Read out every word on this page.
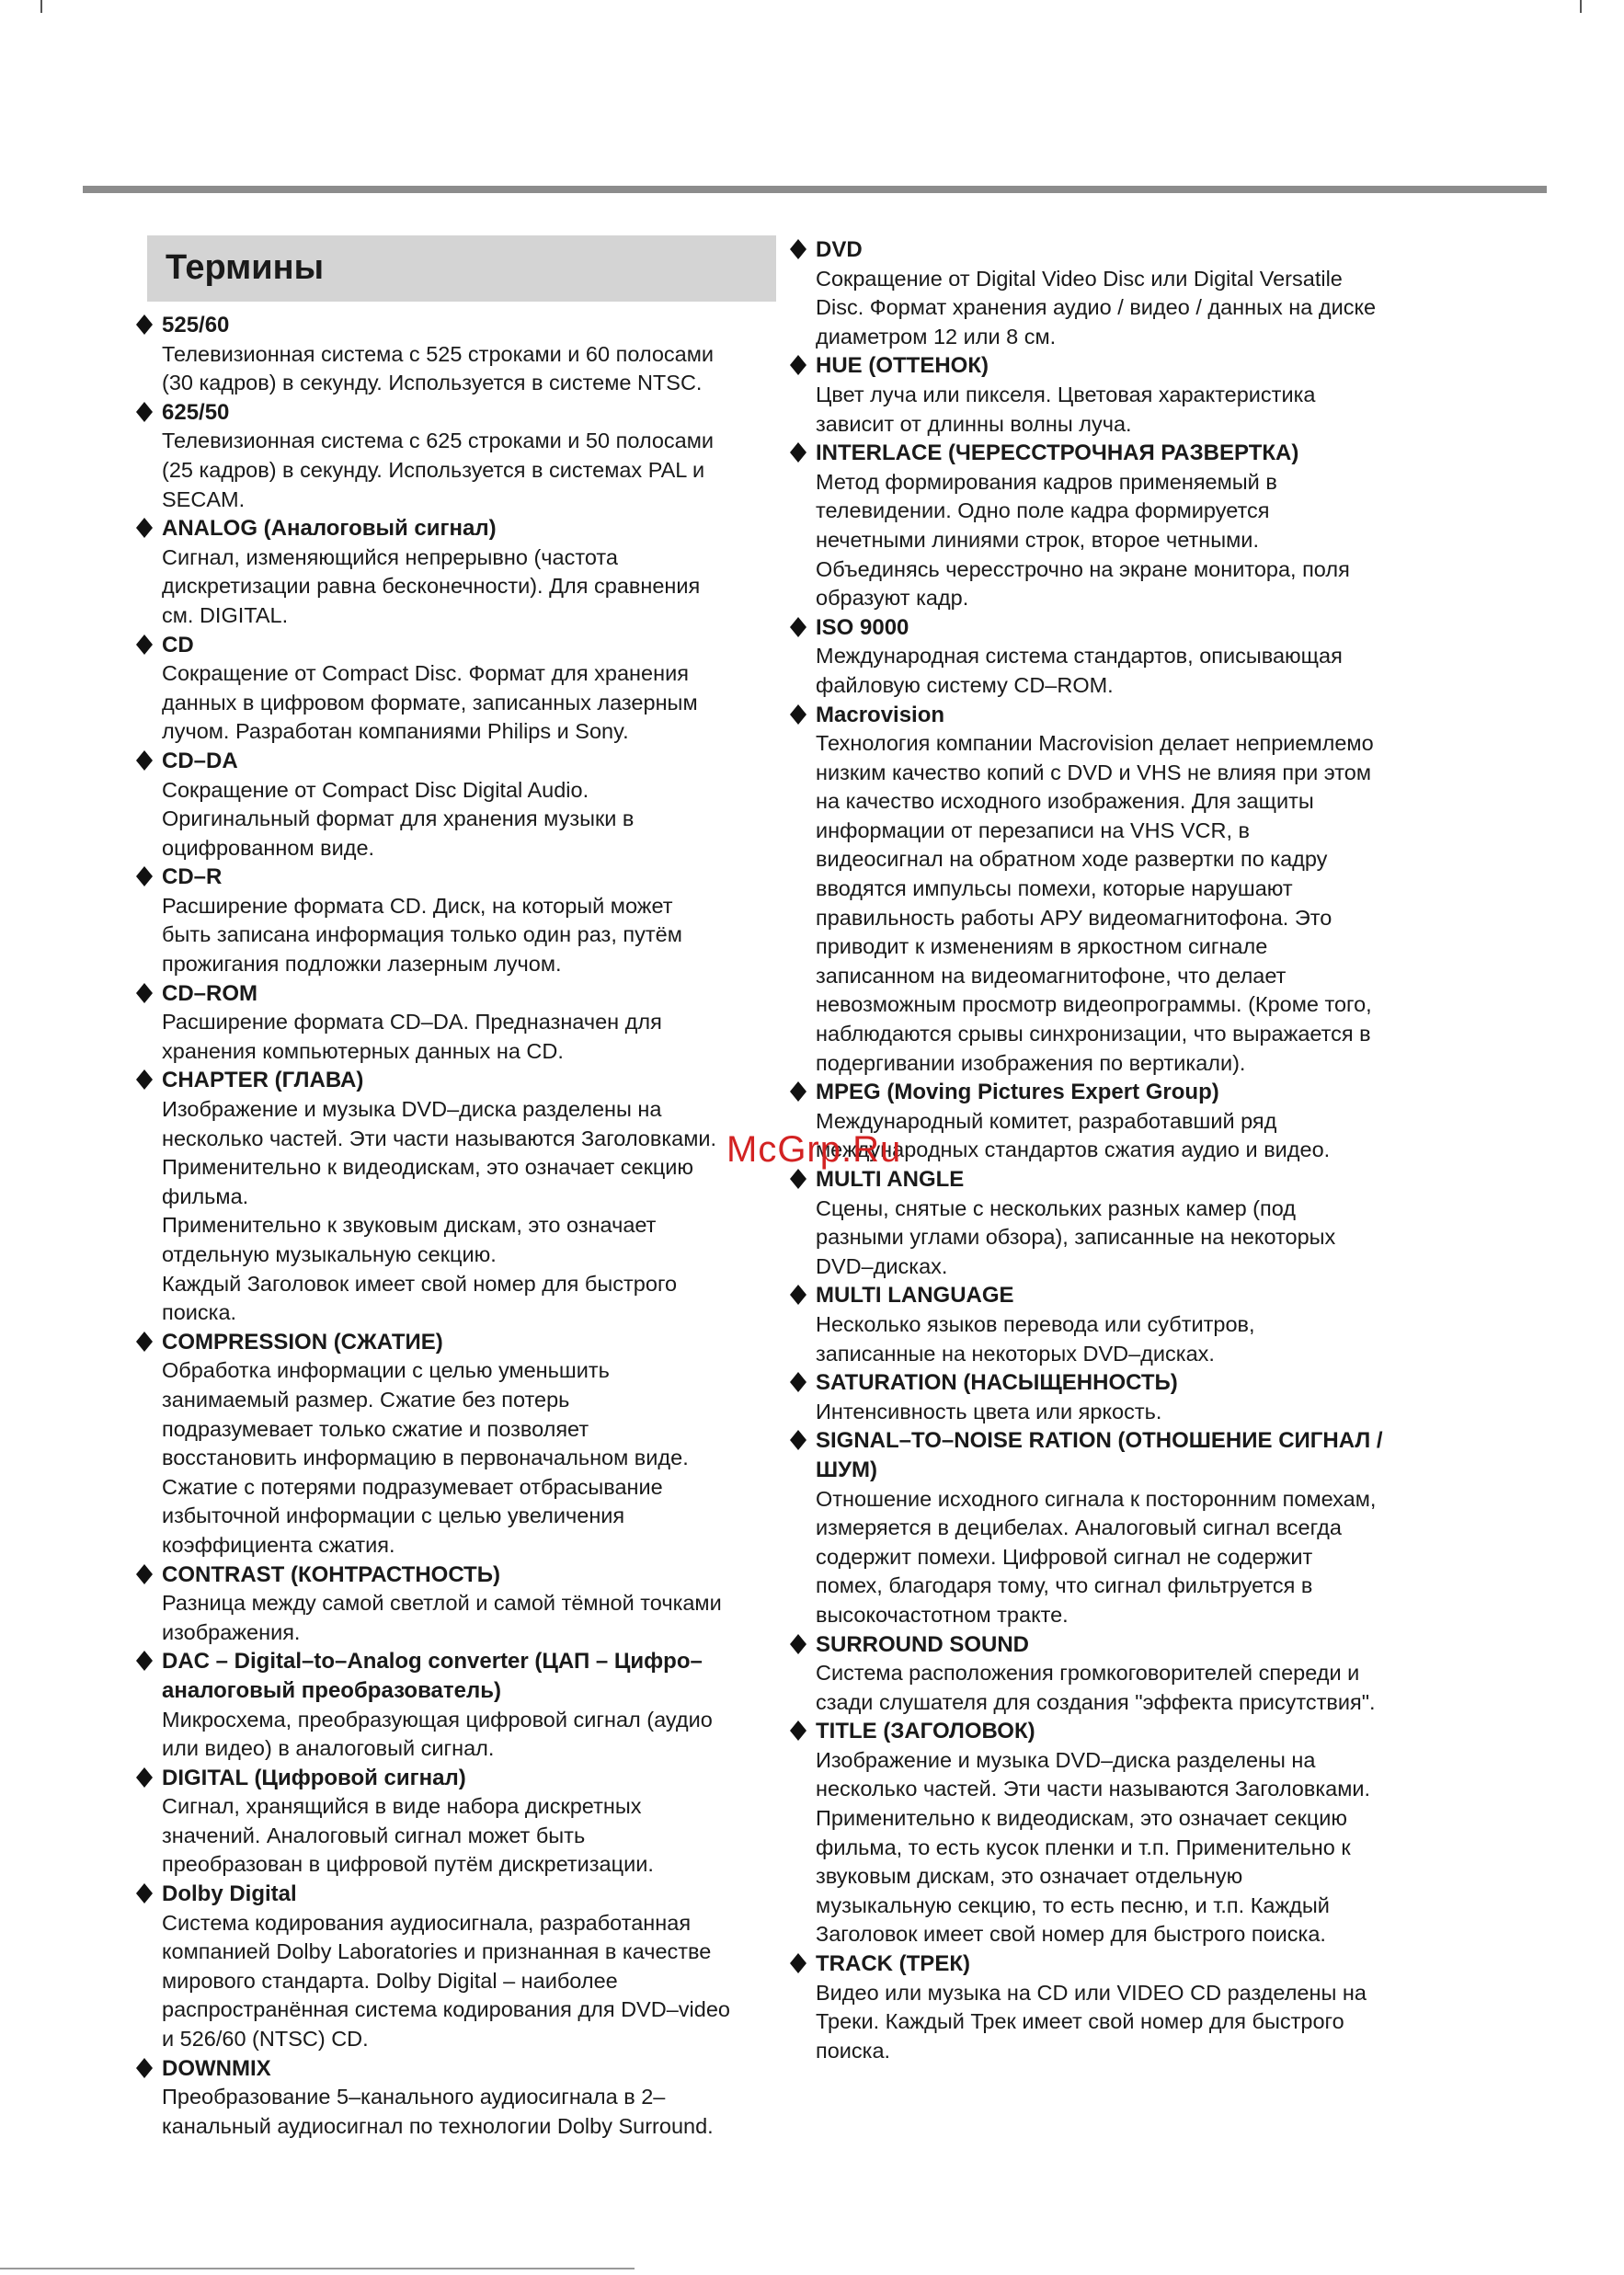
Термины
525/60
Телевизионная система с 525 строками и 60 полосами
(30 кадров) в секунду. Используется в системе NTSC.
625/50
Телевизионная система с 625 строками и 50 полосами
(25 кадров) в секунду. Используется в системах PAL и
SECAM.
ANALOG (Аналоговый сигнал)
Сигнал, изменяющийся непрерывно (частота
дискретизации равна бесконечности). Для сравнения
см. DIGITAL.
CD
Сокращение от Compact Disc. Формат для хранения
данных в цифровом формате, записанных лазерным
лучом. Разработан компаниями Philips и Sony.
CD–DA
Сокращение от Compact Disc Digital Audio.
Оригинальный формат для хранения музыки в
оцифрованном виде.
CD–R
Расширение формата CD. Диск, на который может
быть записана информация только один раз, путём
прожигания подложки лазерным лучом.
CD–ROM
Расширение формата CD–DA. Предназначен для
хранения компьютерных данных на CD.
CHAPTER (ГЛАВА)
Изображение и музыка DVD–диска разделены на
несколько частей. Эти части называются Заголовками.
Применительно к видеодискам, это означает секцию
фильма.
Применительно к звуковым дискам, это означает
отдельную музыкальную секцию.
Каждый Заголовок имеет свой номер для быстрого
поиска.
COMPRESSION (СЖАТИЕ)
Обработка информации с целью уменьшить
занимаемый размер. Сжатие без потерь
подразумевает только сжатие и позволяет
восстановить информацию в первоначальном виде.
Сжатие с потерями подразумевает отбрасывание
избыточной информации с целью увеличения
коэффициента сжатия.
CONTRAST (КОНТРАСТНОСТЬ)
Разница между самой светлой и самой тёмной точками
изображения.
DAC – Digital–to–Analog converter (ЦАП – Цифро–
аналоговый преобразователь)
Микросхема, преобразующая цифровой сигнал (аудио
или видео) в аналоговый сигнал.
DIGITAL (Цифровой сигнал)
Сигнал, хранящийся в виде набора дискретных
значений. Аналоговый сигнал может быть
преобразован в цифровой путём дискретизации.
Dolby Digital
Система кодирования аудиосигнала, разработанная
компанией Dolby Laboratories и признанная в качестве
мирового стандарта. Dolby Digital – наиболее
распространённая система кодирования для DVD–video
и 526/60 (NTSC) CD.
DOWNMIX
Преобразование 5–канального аудиосигнала в 2–
канальный аудиосигнал по технологии Dolby Surround.
DVD
Сокращение от Digital Video Disc или Digital Versatile
Disc. Формат хранения аудио / видео / данных на диске
диаметром 12 или 8 см.
HUE (ОТТЕНОК)
Цвет луча или пикселя. Цветовая характеристика
зависит от длинны волны луча.
INTERLACE (ЧЕРЕССТРОЧНАЯ РАЗВЕРТКА)
Метод формирования кадров применяемый в
телевидении. Одно поле кадра формируется
нечетными линиями строк, второе четными.
Объединясь чересстрочно на экране монитора, поля
образуют кадр.
ISO 9000
Международная система стандартов, описывающая
файловую систему CD–ROM.
Macrovision
Технология компании Macrovision делает неприемлемо
низким качество копий с DVD и VHS не влияя при этом
на качество исходного изображения. Для защиты
информации от перезаписи на VHS VCR, в
видеосигнал на обратном ходе развертки по кадру
вводятся импульсы помехи, которые нарушают
правильность работы АРУ видеомагнитофона. Это
приводит к изменениям в яркостном сигнале
записанном на видеомагнитофоне, что делает
невозможным просмотр видеопрограммы. (Кроме того,
наблюдаются срывы синхронизации, что выражается в
подергивании изображения по вертикали).
MPEG (Moving Pictures Expert Group)
Международный комитет, разработавший ряд
международных стандартов сжатия аудио и видео.
MULTI ANGLE
Сцены, снятые с нескольких разных камер (под
разными углами обзора), записанные на некоторых
DVD–дисках.
MULTI LANGUAGE
Несколько языков перевода или субтитров,
записанные на некоторых DVD–дисках.
SATURATION (НАСЫЩЕННОСТЬ)
Интенсивность цвета или яркость.
SIGNAL–TO–NOISE RATION (ОТНОШЕНИЕ СИГНАЛ /
ШУМ)
Отношение исходного сигнала к посторонним помехам,
измеряется в децибелах. Аналоговый сигнал всегда
содержит помехи. Цифровой сигнал не содержит
помех, благодаря тому, что сигнал фильтруется в
высокочастотном тракте.
SURROUND SOUND
Система расположения громкоговорителей спереди и
сзади слушателя для создания "эффекта присутствия".
TITLE (ЗАГОЛОВОК)
Изображение и музыка DVD–диска разделены на
несколько частей. Эти части называются Заголовками.
Применительно к видеодискам, это означает секцию
фильма, то есть кусок пленки и т.п. Применительно к
звуковым дискам, это означает отдельную
музыкальную секцию, то есть песню, и т.п. Каждый
Заголовок имеет свой номер для быстрого поиска.
TRACK (ТРЕК)
Видео или музыка на CD или VIDEO CD разделены на
Треки. Каждый Трек имеет свой номер для быстрого
поиска.
McGrp.Ru
